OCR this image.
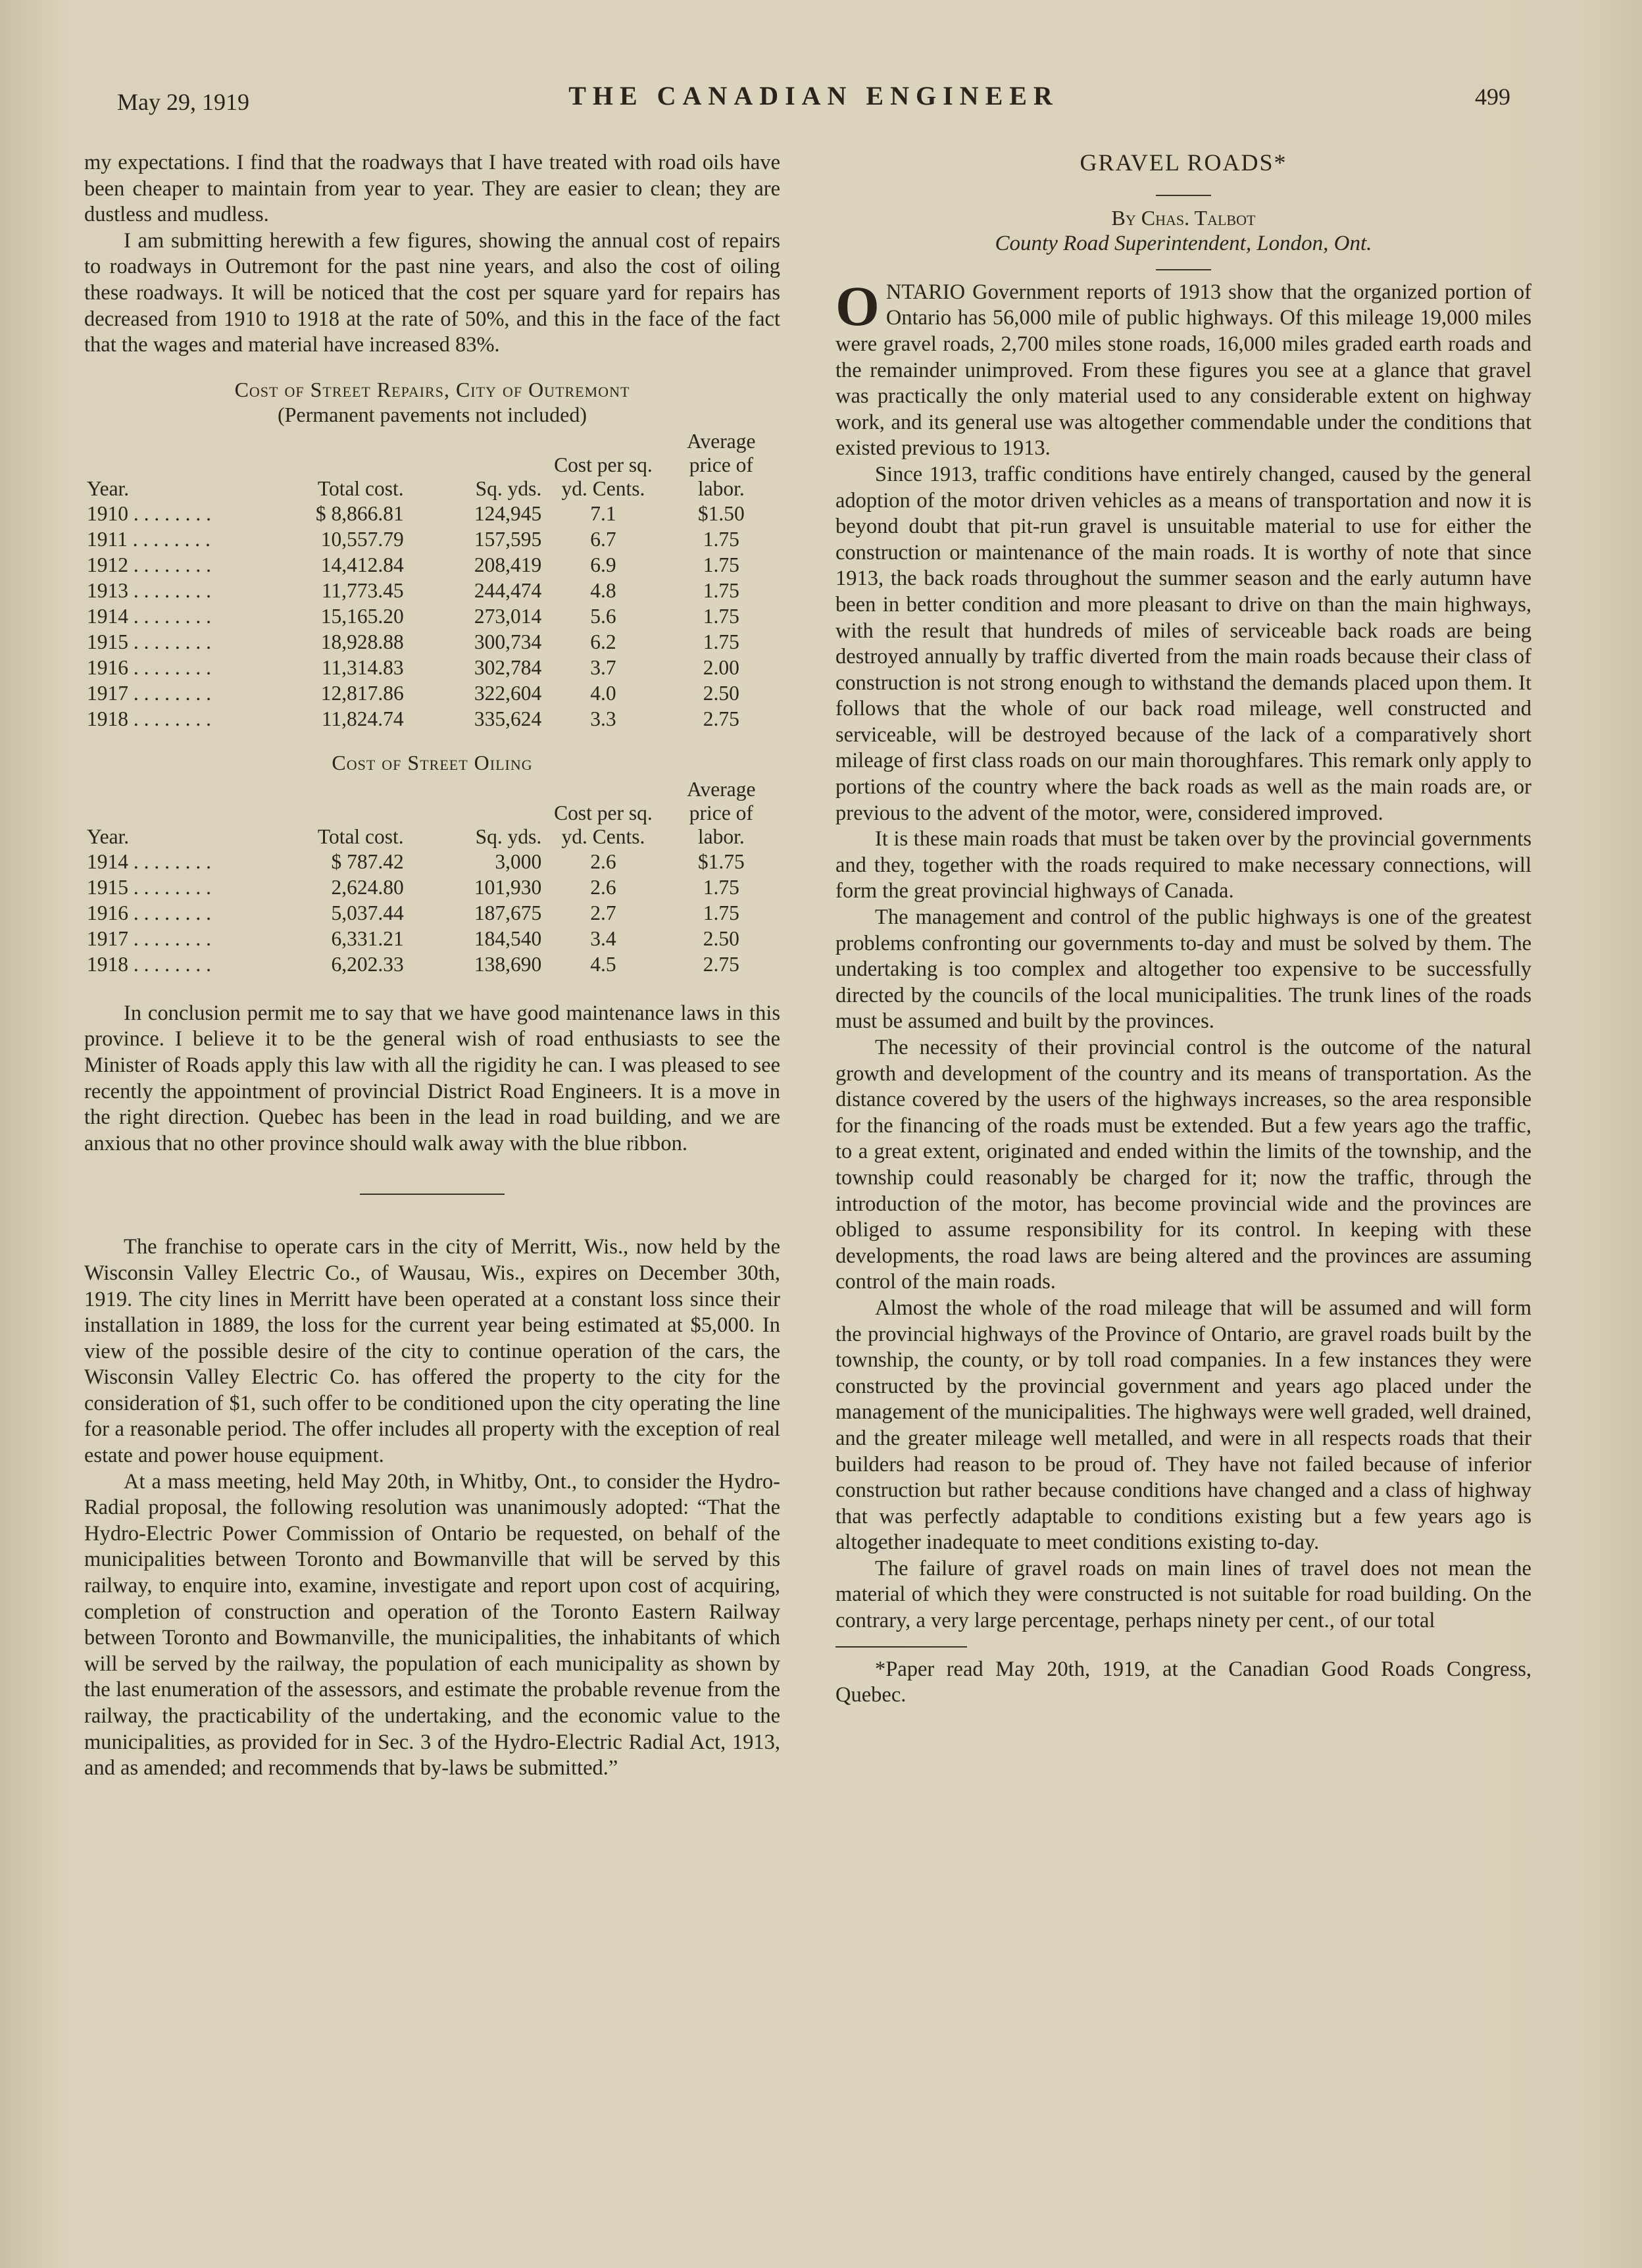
May 29, 1919	THE CANADIAN ENGINEER	499

my expectations. I find that the roadways that I have treated with road oils have been cheaper to maintain from year to year. They are easier to clean; they are dustless and mudless.

I am submitting herewith a few figures, showing the annual cost of repairs to roadways in Outremont for the past nine years, and also the cost of oiling these roadways. It will be noticed that the cost per square yard for repairs has decreased from 1910 to 1918 at the rate of 50%, and this in the face of the fact that the wages and material have increased 83%.

Cost of Street Repairs, City of Outremont
(Permanent pavements not included)
Year.	Total cost.	Sq. yds.	Cost per sq. yd. Cents.	Average price of labor.
1910 . . . . . . . .	$ 8,866.81	124,945	7.1	$1.50
1911 . . . . . . . .	10,557.79	157,595	6.7	1.75
1912 . . . . . . . .	14,412.84	208,419	6.9	1.75
1913 . . . . . . . .	11,773.45	244,474	4.8	1.75
1914 . . . . . . . .	15,165.20	273,014	5.6	1.75
1915 . . . . . . . .	18,928.88	300,734	6.2	1.75
1916 . . . . . . . .	11,314.83	302,784	3.7	2.00
1917 . . . . . . . .	12,817.86	322,604	4.0	2.50
1918 . . . . . . . .	11,824.74	335,624	3.3	2.75
Cost of Street Oiling
Year.	Total cost.	Sq. yds.	Cost per sq. yd. Cents.	Average price of labor.
1914 . . . . . . . .	$ 787.42	3,000	2.6	$1.75
1915 . . . . . . . .	2,624.80	101,930	2.6	1.75
1916 . . . . . . . .	5,037.44	187,675	2.7	1.75
1917 . . . . . . . .	6,331.21	184,540	3.4	2.50
1918 . . . . . . . .	6,202.33	138,690	4.5	2.75

In conclusion permit me to say that we have good maintenance laws in this province. I believe it to be the general wish of road enthusiasts to see the Minister of Roads apply this law with all the rigidity he can. I was pleased to see recently the appointment of provincial District Road Engineers. It is a move in the right direction. Quebec has been in the lead in road building, and we are anxious that no other province should walk away with the blue ribbon.

The franchise to operate cars in the city of Merritt, Wis., now held by the Wisconsin Valley Electric Co., of Wausau, Wis., expires on December 30th, 1919. The city lines in Merritt have been operated at a constant loss since their installation in 1889, the loss for the current year being estimated at $5,000. In view of the possible desire of the city to continue operation of the cars, the Wisconsin Valley Electric Co. has offered the property to the city for the consideration of $1, such offer to be conditioned upon the city operating the line for a reasonable period. The offer includes all property with the exception of real estate and power house equipment.

At a mass meeting, held May 20th, in Whitby, Ont., to consider the Hydro-Radial proposal, the following resolution was unanimously adopted: “That the Hydro-Electric Power Commission of Ontario be requested, on behalf of the municipalities between Toronto and Bowmanville that will be served by this railway, to enquire into, examine, investigate and report upon cost of acquiring, completion of construction and operation of the Toronto Eastern Railway between Toronto and Bowmanville, the municipalities, the inhabitants of which will be served by the railway, the population of each municipality as shown by the last enumeration of the assessors, and estimate the probable revenue from the railway, the practicability of the undertaking, and the economic value to the municipalities, as provided for in Sec. 3 of the Hydro-Electric Radial Act, 1913, and as amended; and recommends that by-laws be submitted.”

GRAVEL ROADS*
By Chas. Talbot
County Road Superintendent, London, Ont.

ONTARIO Government reports of 1913 show that the organized portion of Ontario has 56,000 mile of public highways. Of this mileage 19,000 miles were gravel roads, 2,700 miles stone roads, 16,000 miles graded earth roads and the remainder unimproved. From these figures you see at a glance that gravel was practically the only material used to any considerable extent on highway work, and its general use was altogether commendable under the conditions that existed previous to 1913.

Since 1913, traffic conditions have entirely changed, caused by the general adoption of the motor driven vehicles as a means of transportation and now it is beyond doubt that pit-run gravel is unsuitable material to use for either the construction or maintenance of the main roads. It is worthy of note that since 1913, the back roads throughout the summer season and the early autumn have been in better condition and more pleasant to drive on than the main highways, with the result that hundreds of miles of serviceable back roads are being destroyed annually by traffic diverted from the main roads because their class of construction is not strong enough to withstand the demands placed upon them. It follows that the whole of our back road mileage, well constructed and serviceable, will be destroyed because of the lack of a comparatively short mileage of first class roads on our main thoroughfares. This remark only apply to portions of the country where the back roads as well as the main roads are, or previous to the advent of the motor, were, considered improved.

It is these main roads that must be taken over by the provincial governments and they, together with the roads required to make necessary connections, will form the great provincial highways of Canada.

The management and control of the public highways is one of the greatest problems confronting our governments to-day and must be solved by them. The undertaking is too complex and altogether too expensive to be successfully directed by the councils of the local municipalities. The trunk lines of the roads must be assumed and built by the provinces.

The necessity of their provincial control is the outcome of the natural growth and development of the country and its means of transportation. As the distance covered by the users of the highways increases, so the area responsible for the financing of the roads must be extended. But a few years ago the traffic, to a great extent, originated and ended within the limits of the township, and the township could reasonably be charged for it; now the traffic, through the introduction of the motor, has become provincial wide and the provinces are obliged to assume responsibility for its control. In keeping with these developments, the road laws are being altered and the provinces are assuming control of the main roads.

Almost the whole of the road mileage that will be assumed and will form the provincial highways of the Province of Ontario, are gravel roads built by the township, the county, or by toll road companies. In a few instances they were constructed by the provincial government and years ago placed under the management of the municipalities. The highways were well graded, well drained, and the greater mileage well metalled, and were in all respects roads that their builders had reason to be proud of. They have not failed because of inferior construction but rather because conditions have changed and a class of highway that was perfectly adaptable to conditions existing but a few years ago is altogether inadequate to meet conditions existing to-day.

The failure of gravel roads on main lines of travel does not mean the material of which they were constructed is not suitable for road building. On the contrary, a very large percentage, perhaps ninety per cent., of our total

*Paper read May 20th, 1919, at the Canadian Good Roads Congress, Quebec.
